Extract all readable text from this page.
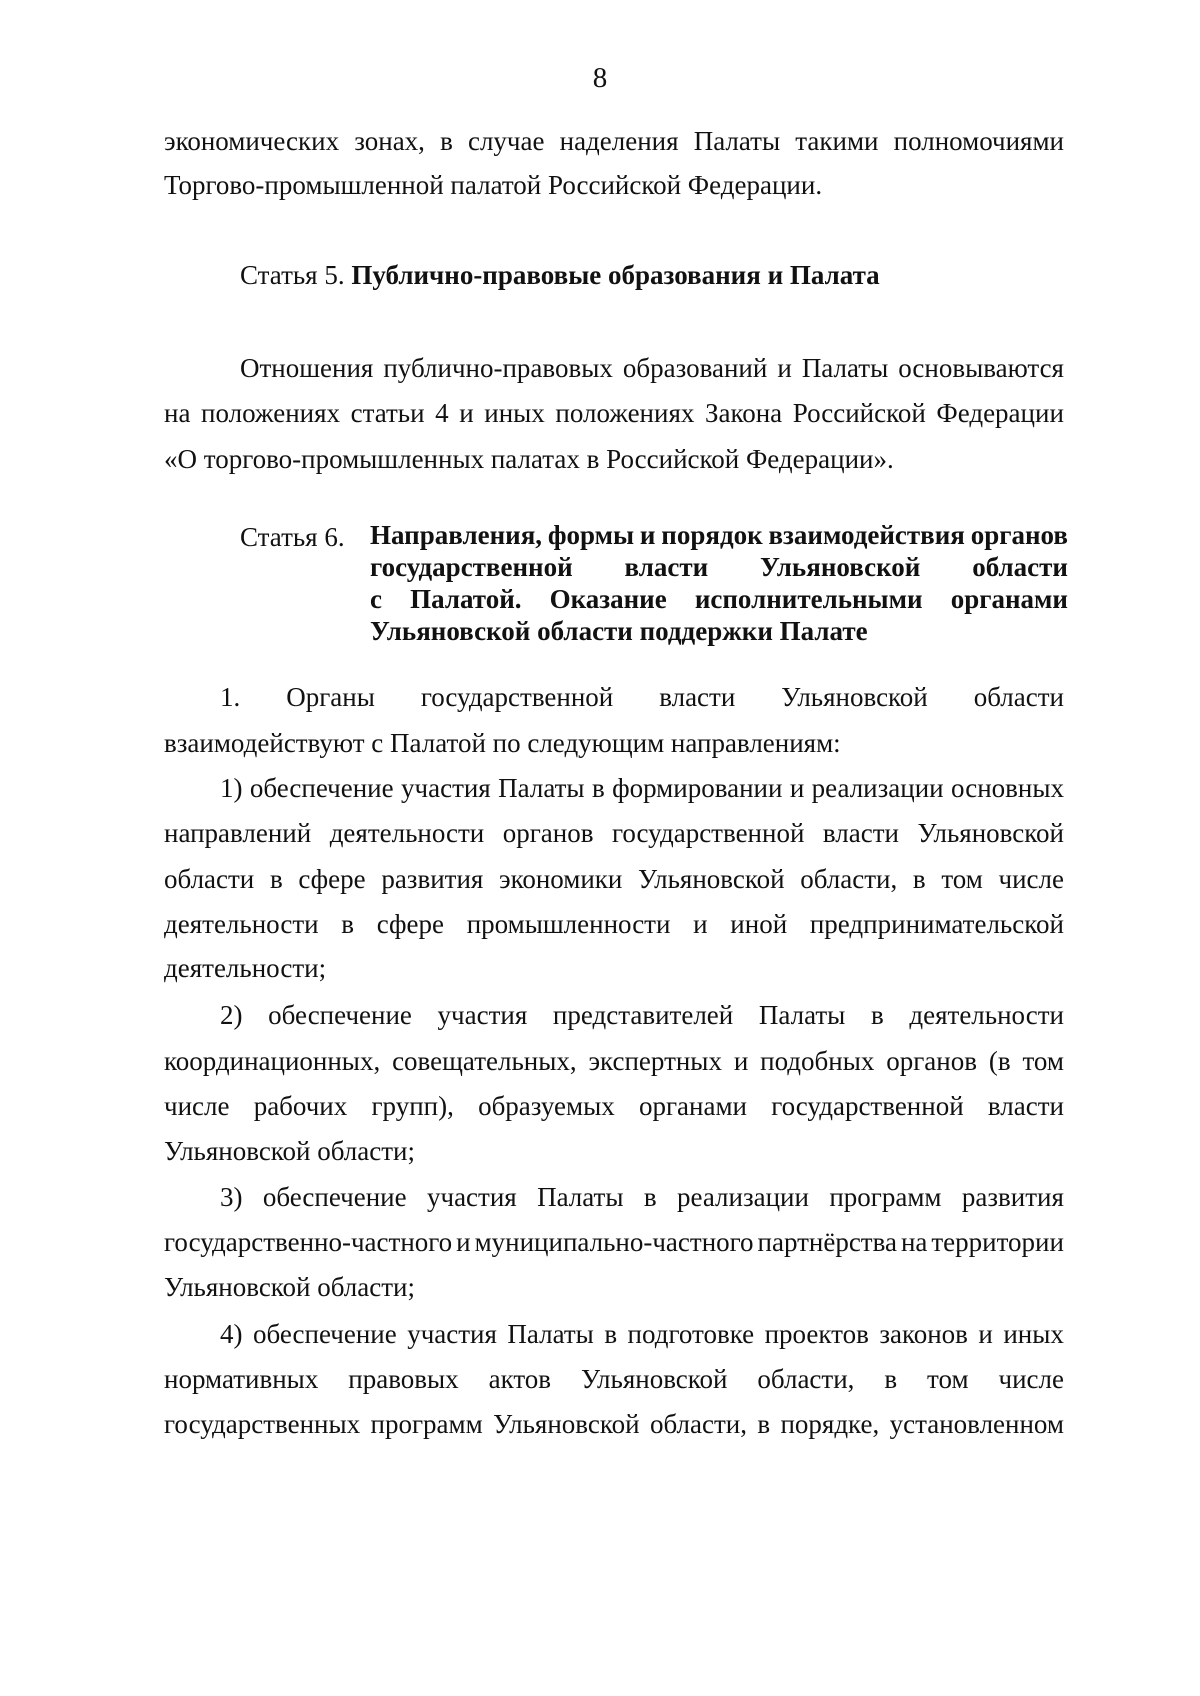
8
экономических зонах, в случае наделения Палаты такими полномочиями
Торгово-промышленной палатой Российской Федерации.
Статья 5. Публично-правовые образования и Палата
Отношения публично-правовых образований и Палаты основываются
на положениях статьи 4 и иных положениях Закона Российской Федерации
«О торгово-промышленных палатах в Российской Федерации».
Статья 6. Направления, формы и порядок взаимодействия органов
государственной власти Ульяновской области
с Палатой. Оказание исполнительными органами
Ульяновской области поддержки Палате
1. Органы государственной власти Ульяновской области
взаимодействуют с Палатой по следующим направлениям:
1) обеспечение участия Палаты в формировании и реализации основных
направлений деятельности органов государственной власти Ульяновской
области в сфере развития экономики Ульяновской области, в том числе
деятельности в сфере промышленности и иной предпринимательской
деятельности;
2) обеспечение участия представителей Палаты в деятельности
координационных, совещательных, экспертных и подобных органов (в том
числе рабочих групп), образуемых органами государственной власти
Ульяновской области;
3) обеспечение участия Палаты в реализации программ развития
государственно-частного и муниципально-частного партнёрства на территории
Ульяновской области;
4) обеспечение участия Палаты в подготовке проектов законов и иных
нормативных правовых актов Ульяновской области, в том числе
государственных программ Ульяновской области, в порядке, установленном
